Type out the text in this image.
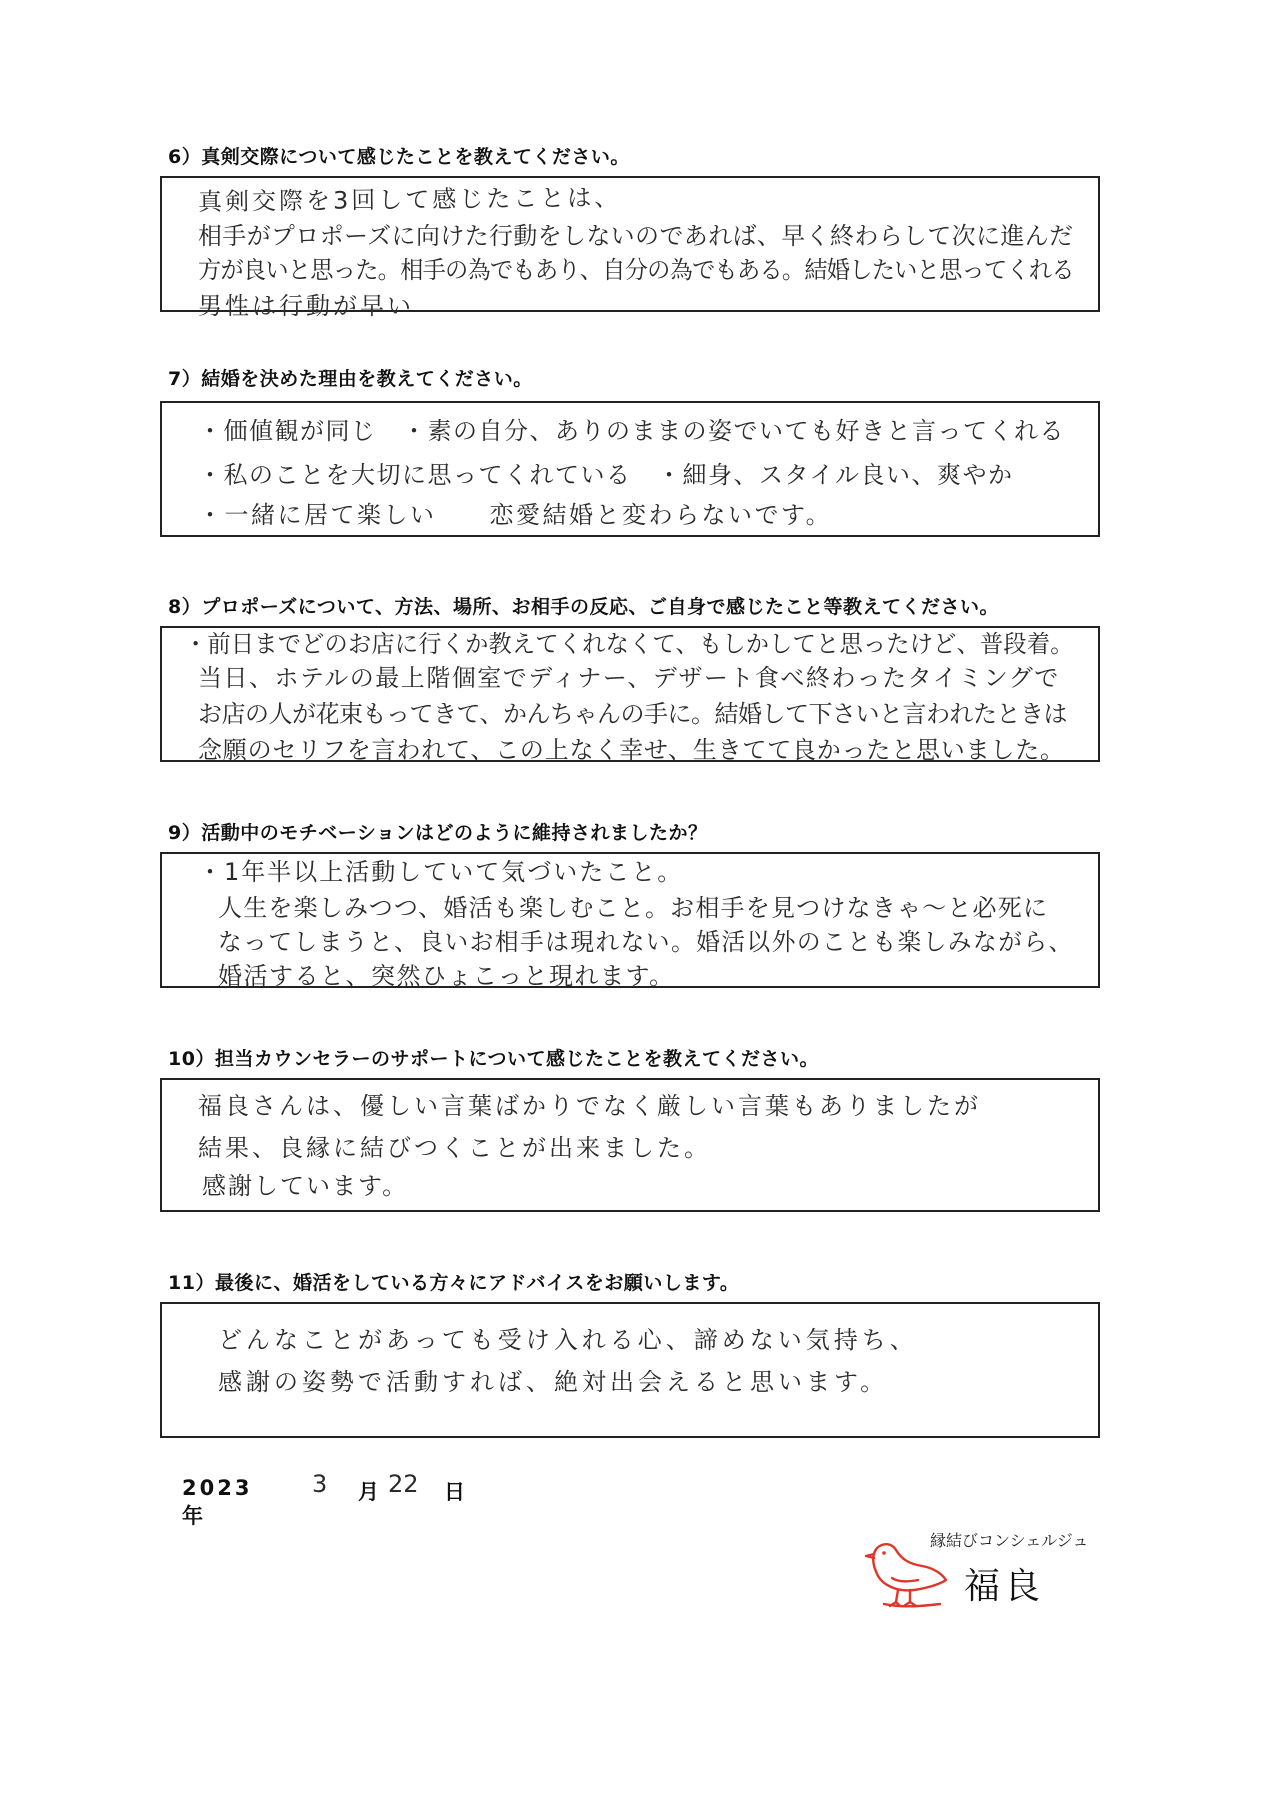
6）真剣交際について感じたことを教えてください。
真剣交際を3回して感じたことは、
相手がプロポーズに向けた行動をしないのであれば、早く終わらして次に進んだ
方が良いと思った。相手の為でもあり、自分の為でもある。結婚したいと思ってくれる
男性は行動が早い
7）結婚を決めた理由を教えてください。
・価値観が同じ　・素の自分、ありのままの姿でいても好きと言ってくれる
・私のことを大切に思ってくれている　・細身、スタイル良い、爽やか
・一緒に居て楽しい　　恋愛結婚と変わらないです。
8）プロポーズについて、方法、場所、お相手の反応、ご自身で感じたこと等教えてください。
・前日までどのお店に行くか教えてくれなくて、もしかしてと思ったけど、普段着。
当日、ホテルの最上階個室でディナー、デザート食べ終わったタイミングで
お店の人が花束もってきて、かんちゃんの手に。結婚して下さいと言われたときは
念願のセリフを言われて、この上なく幸せ、生きてて良かったと思いました。
9）活動中のモチベーションはどのように維持されましたか？
・1年半以上活動していて気づいたこと。
人生を楽しみつつ、婚活も楽しむこと。お相手を見つけなきゃ〜と必死に
なってしまうと、良いお相手は現れない。婚活以外のことも楽しみながら、
婚活すると、突然ひょこっと現れます。
10）担当カウンセラーのサポートについて感じたことを教えてください。
福良さんは、優しい言葉ばかりでなく厳しい言葉もありましたが
結果、良縁に結びつくことが出来ました。
感謝しています。
11）最後に、婚活をしている方々にアドバイスをお願いします。
どんなことがあっても受け入れる心、諦めない気持ち、
感謝の姿勢で活動すれば、絶対出会えると思います。
2023年
3 月 22 日
縁結びコンシェルジュ
福良
